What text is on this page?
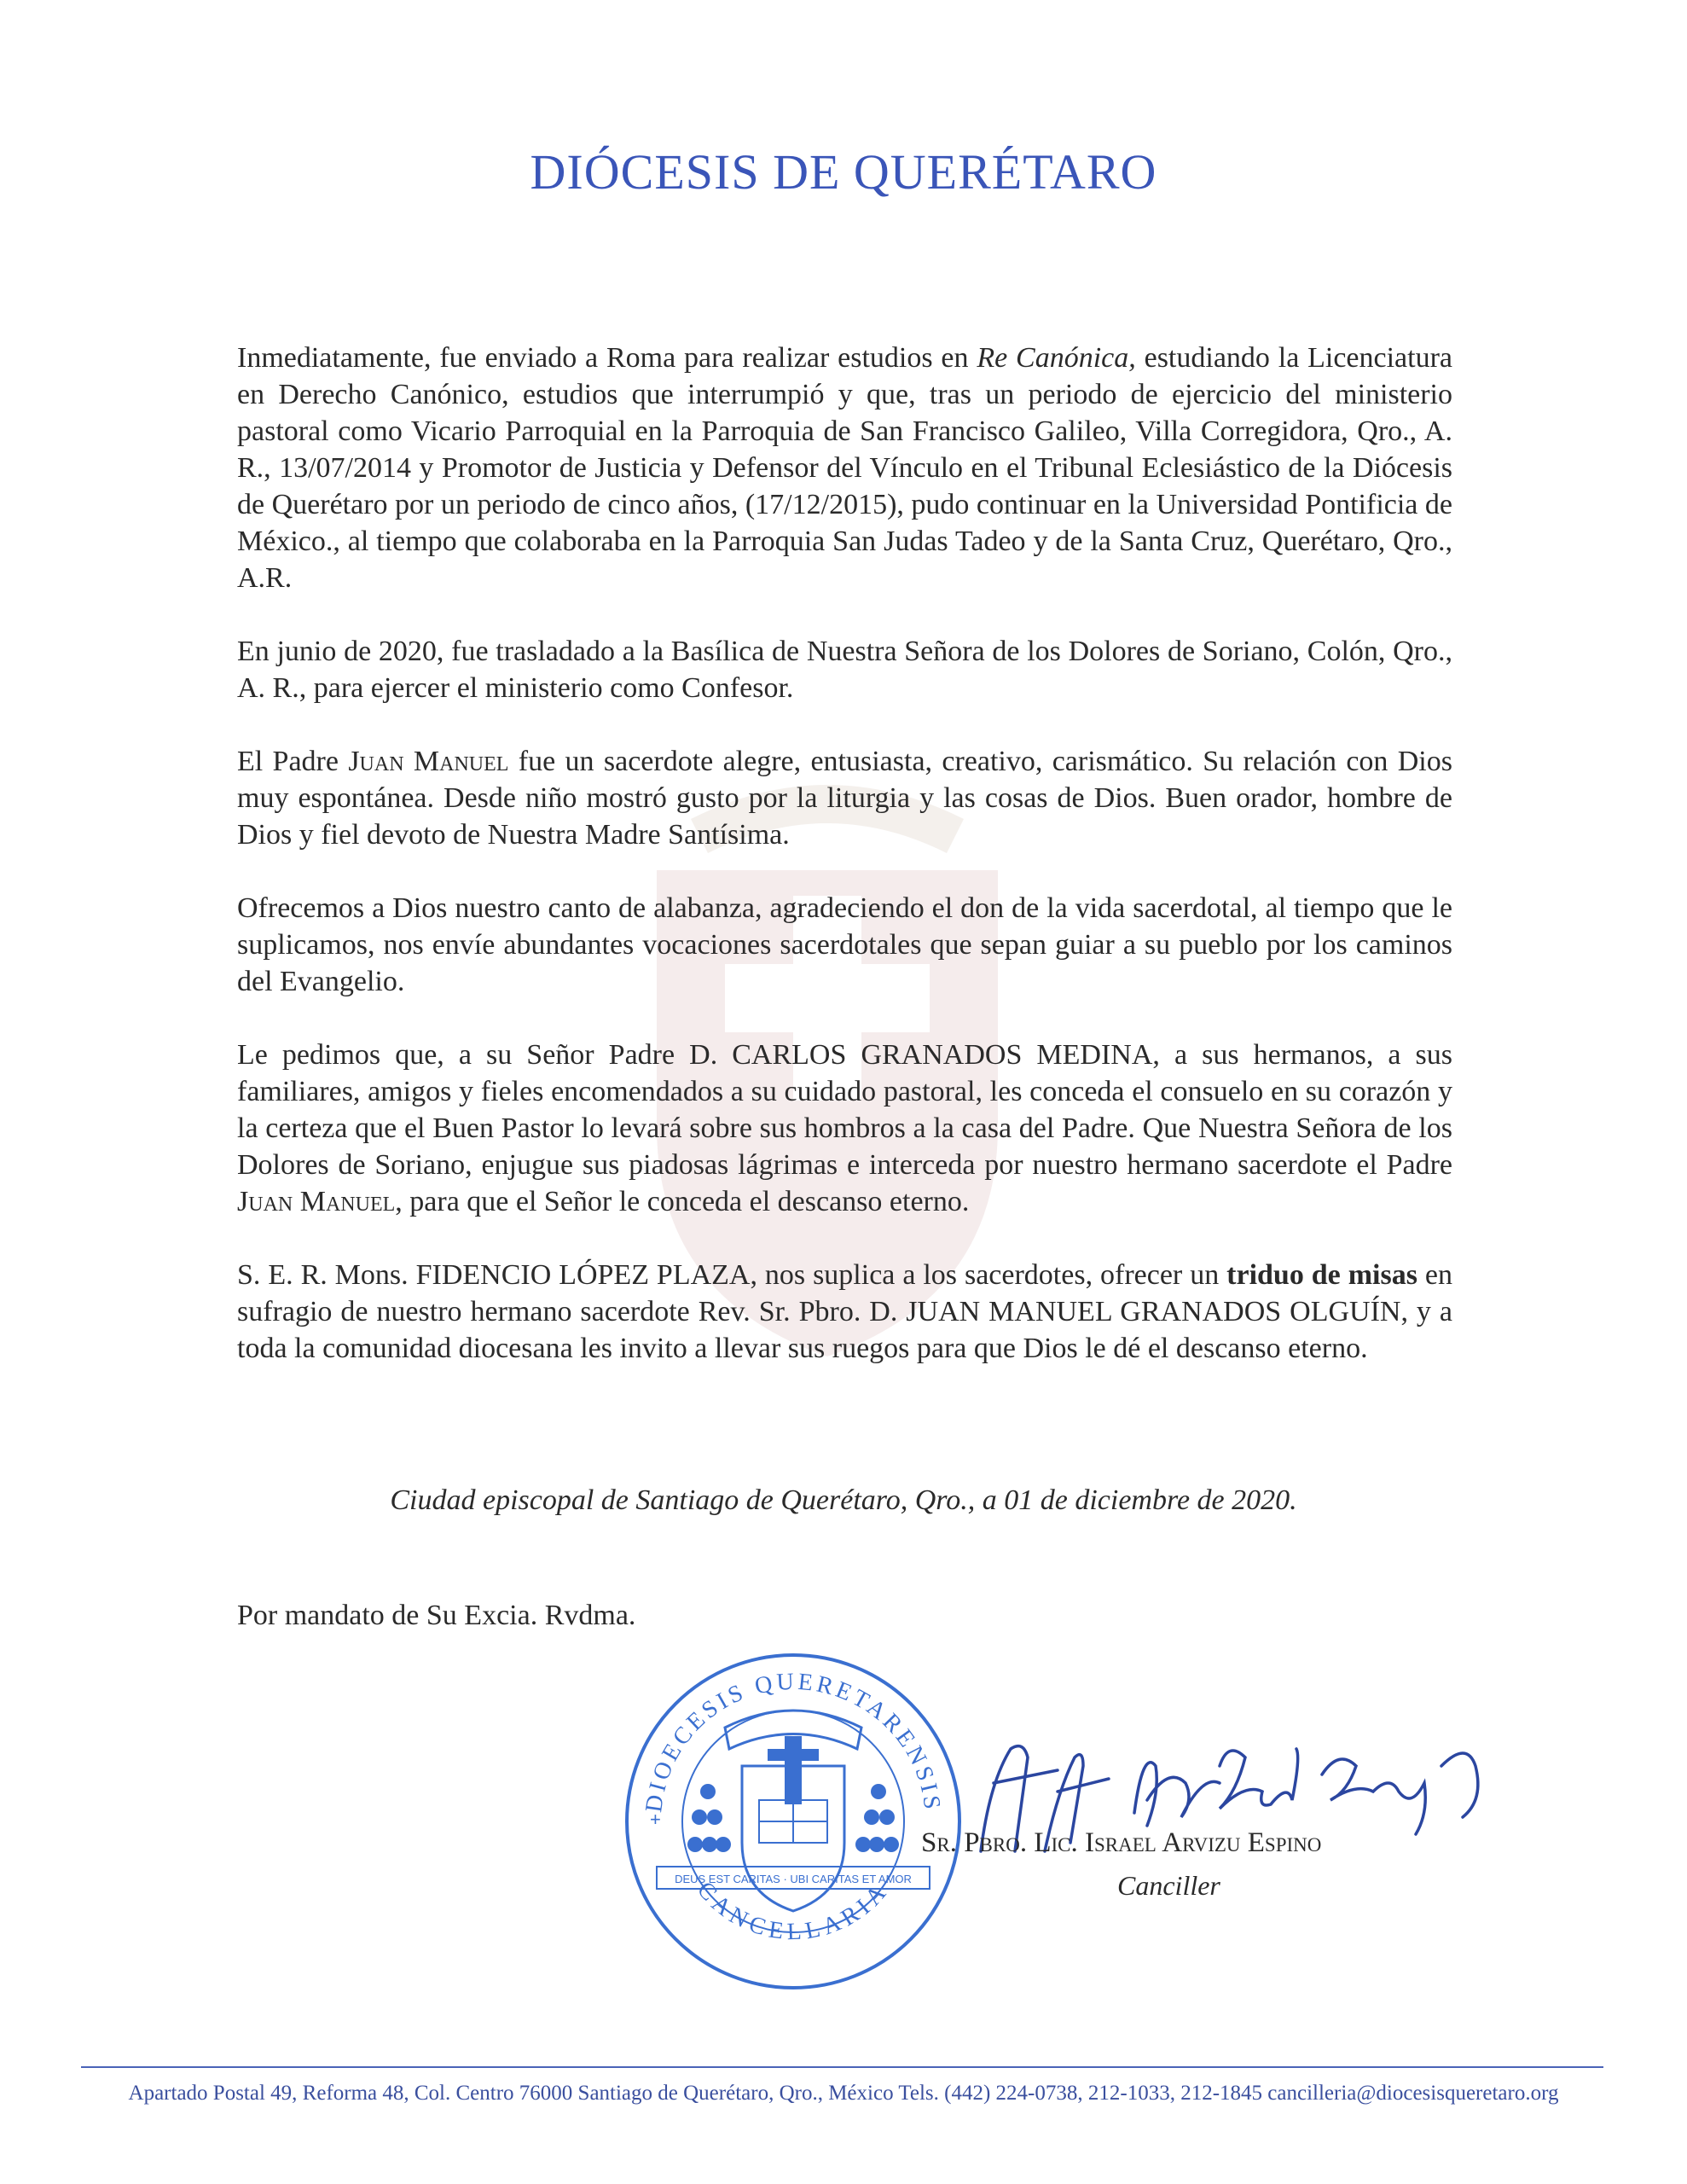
DIÓCESIS DE QUERÉTARO

Inmediatamente, fue enviado a Roma para realizar estudios en Re Canónica, estudiando la Licenciatura en Derecho Canónico, estudios que interrumpió y que, tras un periodo de ejercicio del ministerio pastoral como Vicario Parroquial en la Parroquia de San Francisco Galileo, Villa Corregidora, Qro., A. R., 13/07/2014 y Promotor de Justicia y Defensor del Vínculo en el Tribunal Eclesiástico de la Diócesis de Querétaro por un periodo de cinco años, (17/12/2015), pudo continuar en la Universidad Pontificia de México., al tiempo que colaboraba en la Parroquia San Judas Tadeo y de la Santa Cruz, Querétaro, Qro., A.R.

En junio de 2020, fue trasladado a la Basílica de Nuestra Señora de los Dolores de Soriano, Colón, Qro., A. R., para ejercer el ministerio como Confesor.

El Padre Juan Manuel fue un sacerdote alegre, entusiasta, creativo, carismático. Su relación con Dios muy espontánea. Desde niño mostró gusto por la liturgia y las cosas de Dios. Buen orador, hombre de Dios y fiel devoto de Nuestra Madre Santísima.

Ofrecemos a Dios nuestro canto de alabanza, agradeciendo el don de la vida sacerdotal, al tiempo que le suplicamos, nos envíe abundantes vocaciones sacerdotales que sepan guiar a su pueblo por los caminos del Evangelio.

Le pedimos que, a su Señor Padre D. CARLOS GRANADOS MEDINA, a sus hermanos, a sus familiares, amigos y fieles encomendados a su cuidado pastoral, les conceda el consuelo en su corazón y la certeza que el Buen Pastor lo levará sobre sus hombros a la casa del Padre. Que Nuestra Señora de los Dolores de Soriano, enjugue sus piadosas lágrimas e interceda por nuestro hermano sacerdote el Padre Juan Manuel, para que el Señor le conceda el descanso eterno.

S. E. R. Mons. FIDENCIO LÓPEZ PLAZA, nos suplica a los sacerdotes, ofrecer un triduo de misas en sufragio de nuestro hermano sacerdote Rev. Sr. Pbro. D. JUAN MANUEL GRANADOS OLGUÍN, y a toda la comunidad diocesana les invito a llevar sus ruegos para que Dios le dé el descanso eterno.

Ciudad episcopal de Santiago de Querétaro, Qro., a 01 de diciembre de 2020.
Por mandato de Su Excia. Rvdma.
DIOECESIS QUERETARENSIS
CANCELLARIA
DEUS EST CARITAS · UBI CARITAS ET AMOR
+
Sr. Pbro. Lic. Israel Arvizu Espino
Canciller
Apartado Postal 49, Reforma 48, Col. Centro 76000 Santiago de Querétaro, Qro., México Tels. (442) 224-0738, 212-1033, 212-1845 cancilleria@diocesisqueretaro.org
